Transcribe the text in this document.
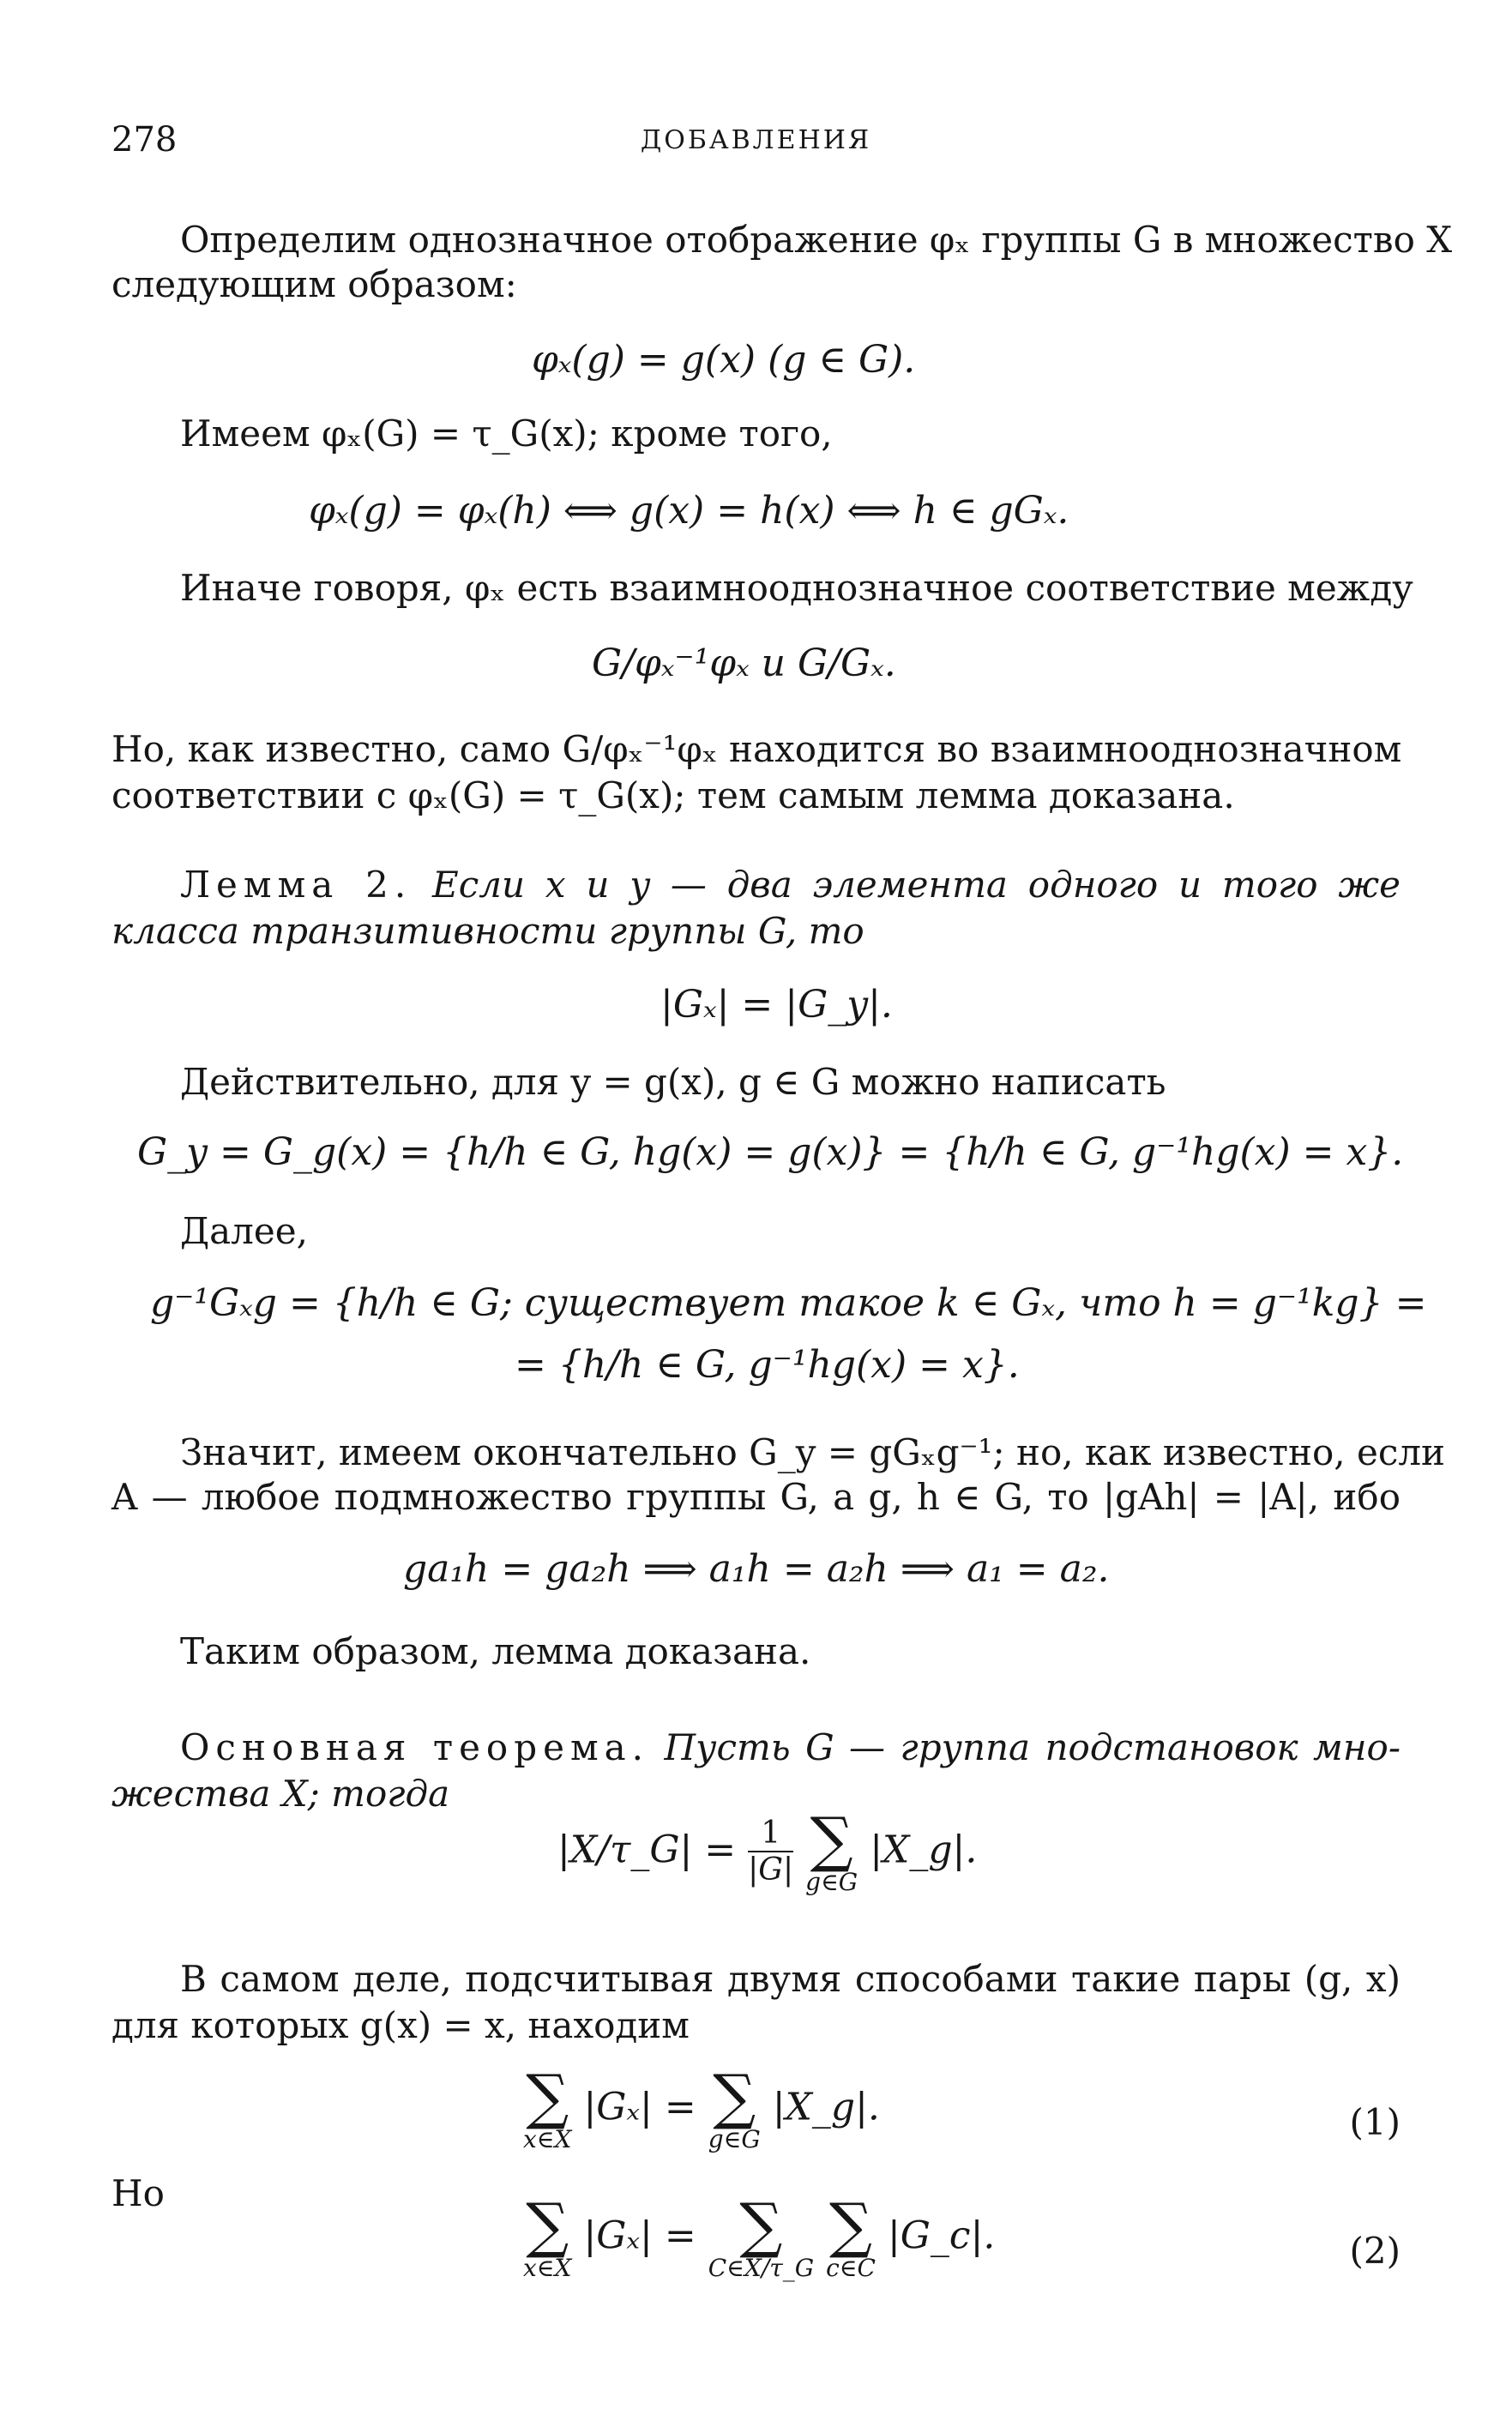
278	ДОБАВЛЕНИЯ
Определим однозначное отображение φₓ группы G в множество X
следующим образом:
φₓ(g) = g(x) (g ∈ G).
Имеем φₓ(G) = τ_G(x); кроме того,
φₓ(g) = φₓ(h) ⟺ g(x) = h(x) ⟺ h ∈ gGₓ.
Иначе говоря, φₓ есть взаимнооднозначное соответствие между
G/φₓ⁻¹φₓ и G/Gₓ.
Но, как известно, само G/φₓ⁻¹φₓ находится во взаимнооднозначном
соответствии с φₓ(G) = τ_G(x); тем самым лемма доказана.
Лемма 2. Если x и y — два элемента одного и того же
класса транзитивности группы G, то
|Gₓ| = |G_y|.
Действительно, для y = g(x), g ∈ G можно написать
G_y = G_g(x) = {h/h ∈ G, hg(x) = g(x)} = {h/h ∈ G, g⁻¹hg(x) = x}.
Далее,
g⁻¹Gₓg = {h/h ∈ G; существует такое k ∈ Gₓ, что h = g⁻¹kg} =
= {h/h ∈ G, g⁻¹hg(x) = x}.
Значит, имеем окончательно G_y = gGₓg⁻¹; но, как известно, если
A — любое подмножество группы G, a g, h ∈ G, то |gAh| = |A|, ибо
ga₁h = ga₂h ⟹ a₁h = a₂h ⟹ a₁ = a₂.
Таким образом, лемма доказана.
Основная теорема. Пусть G — группа подстановок мно-
жества X; тогда
|X/τ_G| = $\frac{1}{|G|}$
∑
g∈G
|X_g|.
В самом деле, подсчитывая двумя способами такие пары (g, x)
для которых g(x) = x, находим
∑
x∈X
|Gₓ| = ∑
g∈G
|X_g|.	(1)
Но	∑
x∈X
|Gₓ| = ∑
C∈X/τ_G

∑
c∈C
|G_c|.	(2)
